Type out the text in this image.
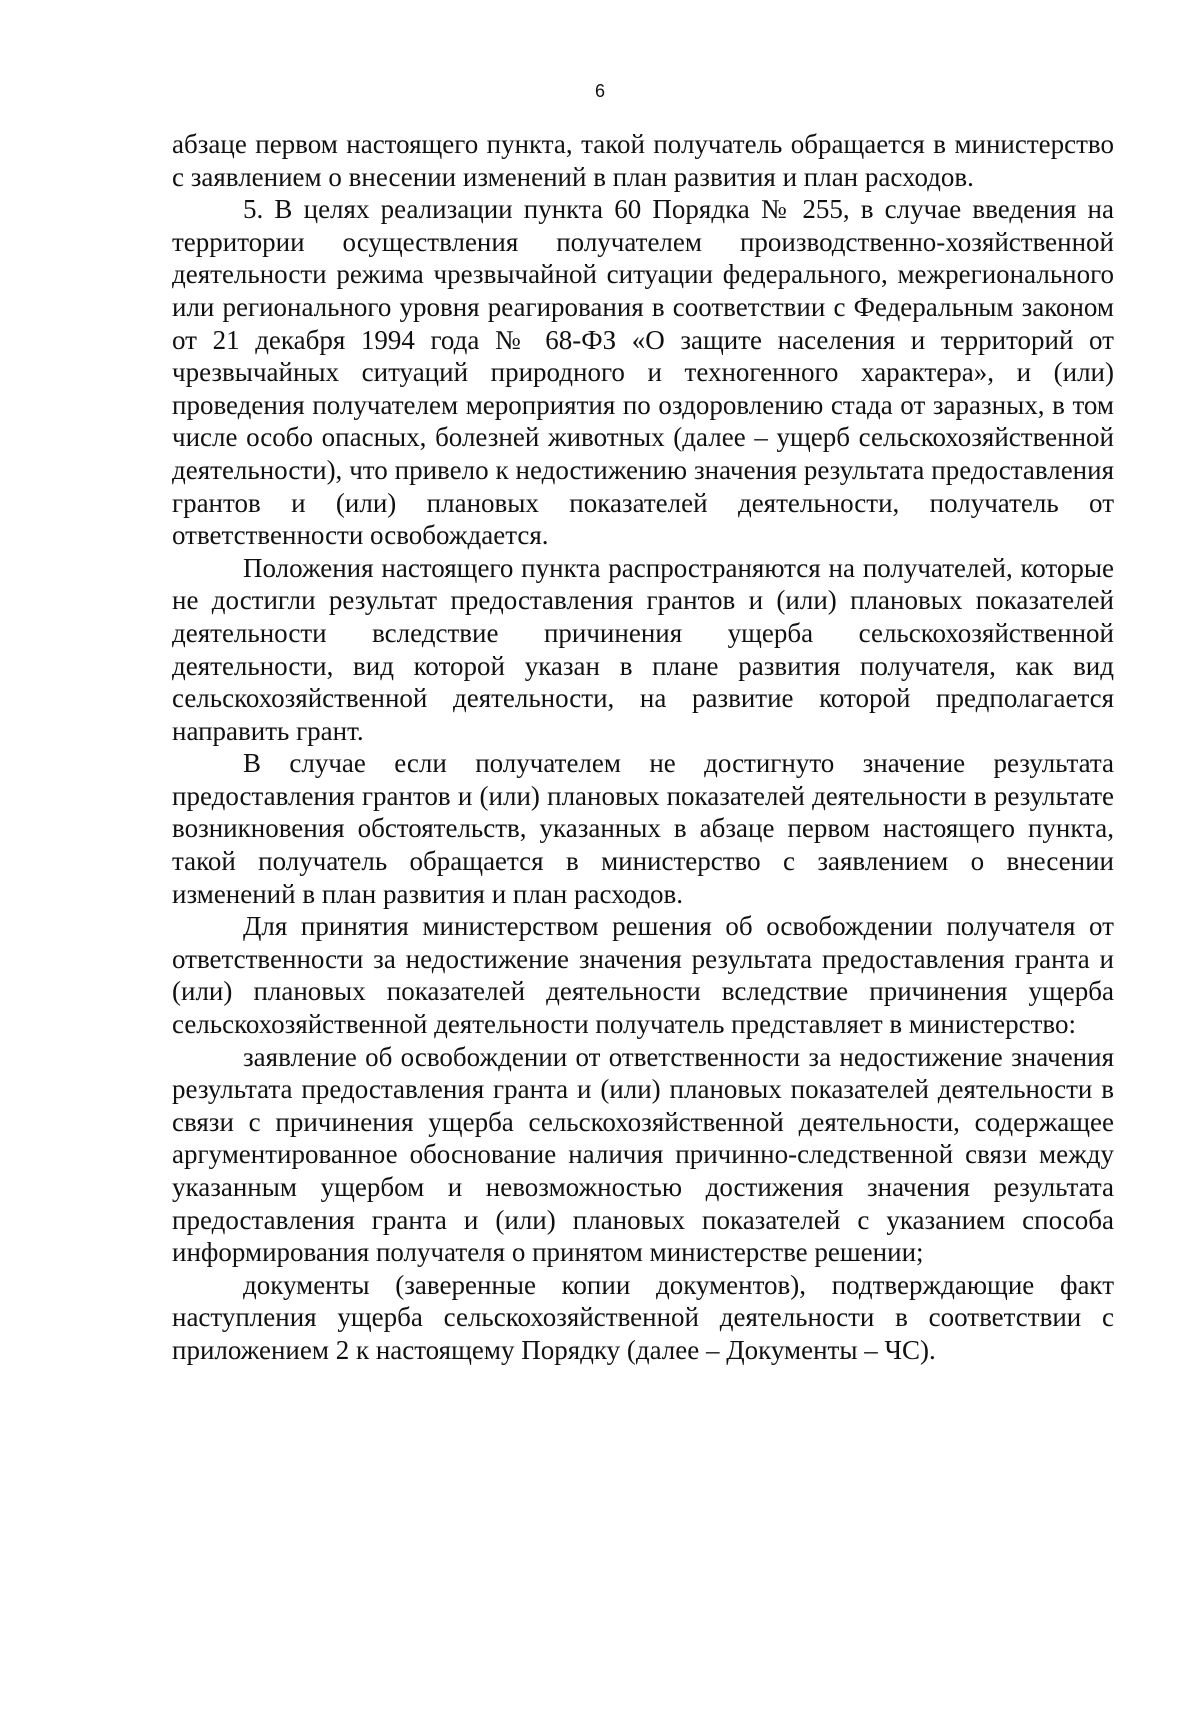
6

абзаце первом настоящего пункта, такой получатель обращается в министерство с заявлением о внесении изменений в план развития и план расходов.

5. В целях реализации пункта 60 Порядка № 255, в случае введения на территории осуществления получателем производственно-хозяйственной деятельности режима чрезвычайной ситуации федерального, межрегионального или регионального уровня реагирования в соответствии с Федеральным законом от 21 декабря 1994 года № 68-ФЗ «О защите населения и территорий от чрезвычайных ситуаций природного и техногенного характера», и (или) проведения получателем мероприятия по оздоровлению стада от заразных, в том числе особо опасных, болезней животных (далее – ущерб сельскохозяйственной деятельности), что привело к недостижению значения результата предоставления грантов и (или) плановых показателей деятельности, получатель от ответственности освобождается.

Положения настоящего пункта распространяются на получателей, которые не достигли результат предоставления грантов и (или) плановых показателей деятельности вследствие причинения ущерба сельскохозяйственной деятельности, вид которой указан в плане развития получателя, как вид сельскохозяйственной деятельности, на развитие которой предполагается направить грант.

В случае если получателем не достигнуто значение результата предоставления грантов и (или) плановых показателей деятельности в результате возникновения обстоятельств, указанных в абзаце первом настоящего пункта, такой получатель обращается в министерство с заявлением о внесении изменений в план развития и план расходов.

Для принятия министерством решения об освобождении получателя от ответственности за недостижение значения результата предоставления гранта и (или) плановых показателей деятельности вследствие причинения ущерба сельскохозяйственной деятельности получатель представляет в министерство:

заявление об освобождении от ответственности за недостижение значения результата предоставления гранта и (или) плановых показателей деятельности в связи с причинения ущерба сельскохозяйственной деятельности, содержащее аргументированное обоснование наличия причинно-следственной связи между указанным ущербом и невозможностью достижения значения результата предоставления гранта и (или) плановых показателей с указанием способа информирования получателя о принятом министерстве решении;

документы (заверенные копии документов), подтверждающие факт наступления ущерба сельскохозяйственной деятельности в соответствии с приложением 2 к настоящему Порядку (далее – Документы – ЧС).
